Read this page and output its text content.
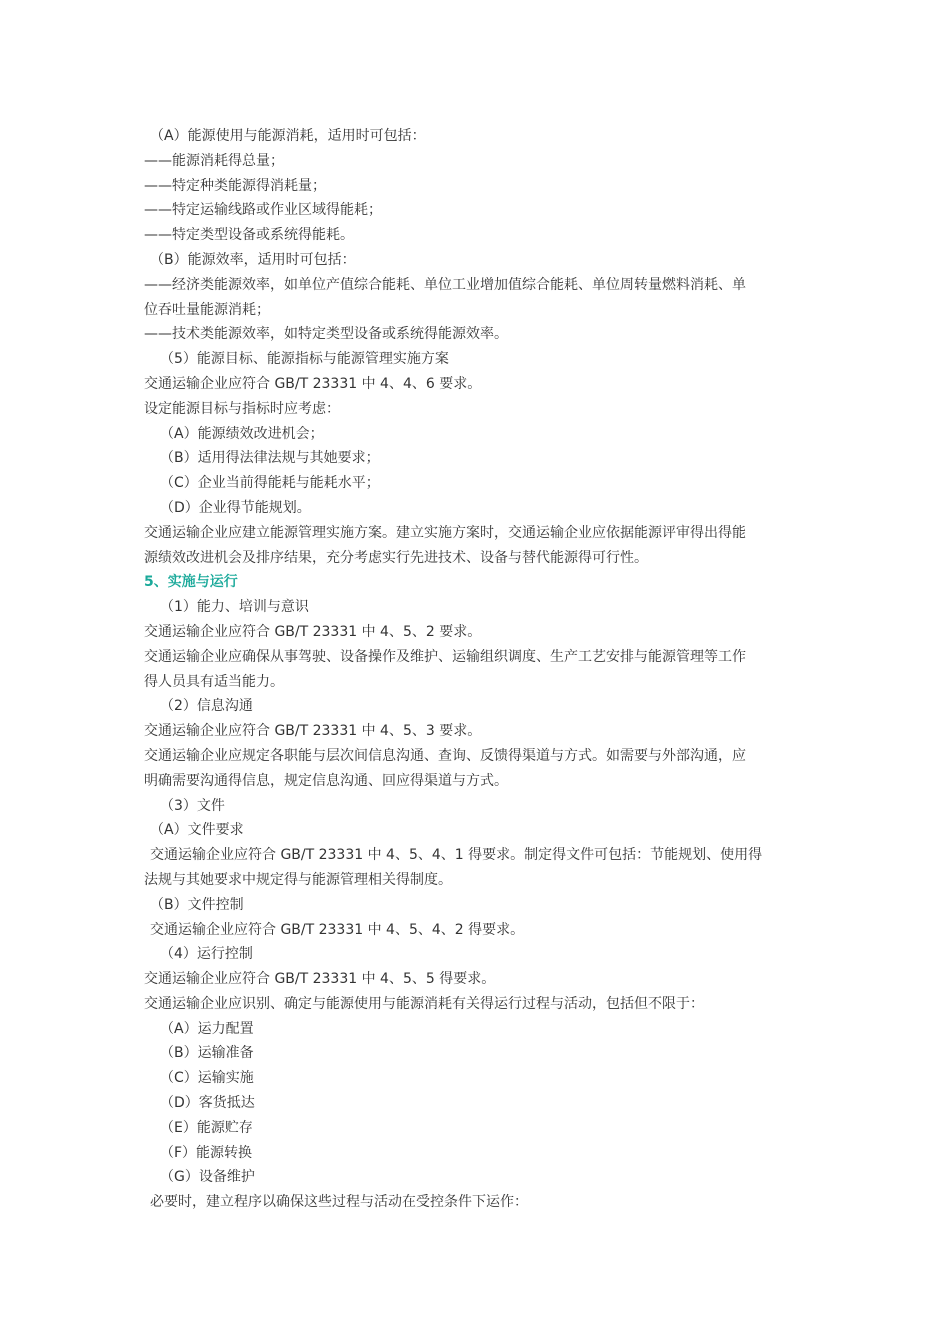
（A）能源使用与能源消耗，适用时可包括：
——能源消耗得总量；
——特定种类能源得消耗量；
——特定运输线路或作业区域得能耗；
——特定类型设备或系统得能耗。
（B）能源效率，适用时可包括：
——经济类能源效率，如单位产值综合能耗、单位工业增加值综合能耗、单位周转量燃料消耗、单
位吞吐量能源消耗；
——技术类能源效率，如特定类型设备或系统得能源效率。
（5）能源目标、能源指标与能源管理实施方案
交通运输企业应符合 GB/T 23331 中 4、4、6 要求。
设定能源目标与指标时应考虑：
（A）能源绩效改进机会；
（B）适用得法律法规与其她要求；
（C）企业当前得能耗与能耗水平；
（D）企业得节能规划。
交通运输企业应建立能源管理实施方案。建立实施方案时，交通运输企业应依据能源评审得出得能
源绩效改进机会及排序结果，充分考虑实行先进技术、设备与替代能源得可行性。
5、实施与运行
（1）能力、培训与意识
交通运输企业应符合 GB/T 23331 中 4、5、2 要求。
交通运输企业应确保从事驾驶、设备操作及维护、运输组织调度、生产工艺安排与能源管理等工作
得人员具有适当能力。
（2）信息沟通
交通运输企业应符合 GB/T 23331 中 4、5、3 要求。
交通运输企业应规定各职能与层次间信息沟通、查询、反馈得渠道与方式。如需要与外部沟通，应
明确需要沟通得信息，规定信息沟通、回应得渠道与方式。
（3）文件
（A）文件要求
交通运输企业应符合 GB/T 23331 中 4、5、4、1 得要求。制定得文件可包括：节能规划、使用得
法规与其她要求中规定得与能源管理相关得制度。
（B）文件控制
交通运输企业应符合 GB/T 23331 中 4、5、4、2 得要求。
（4）运行控制
交通运输企业应符合 GB/T 23331 中 4、5、5 得要求。
交通运输企业应识别、确定与能源使用与能源消耗有关得运行过程与活动，包括但不限于：
（A）运力配置
（B）运输准备
（C）运输实施
（D）客货抵达
（E）能源贮存
（F）能源转换
（G）设备维护
必要时，建立程序以确保这些过程与活动在受控条件下运作：
